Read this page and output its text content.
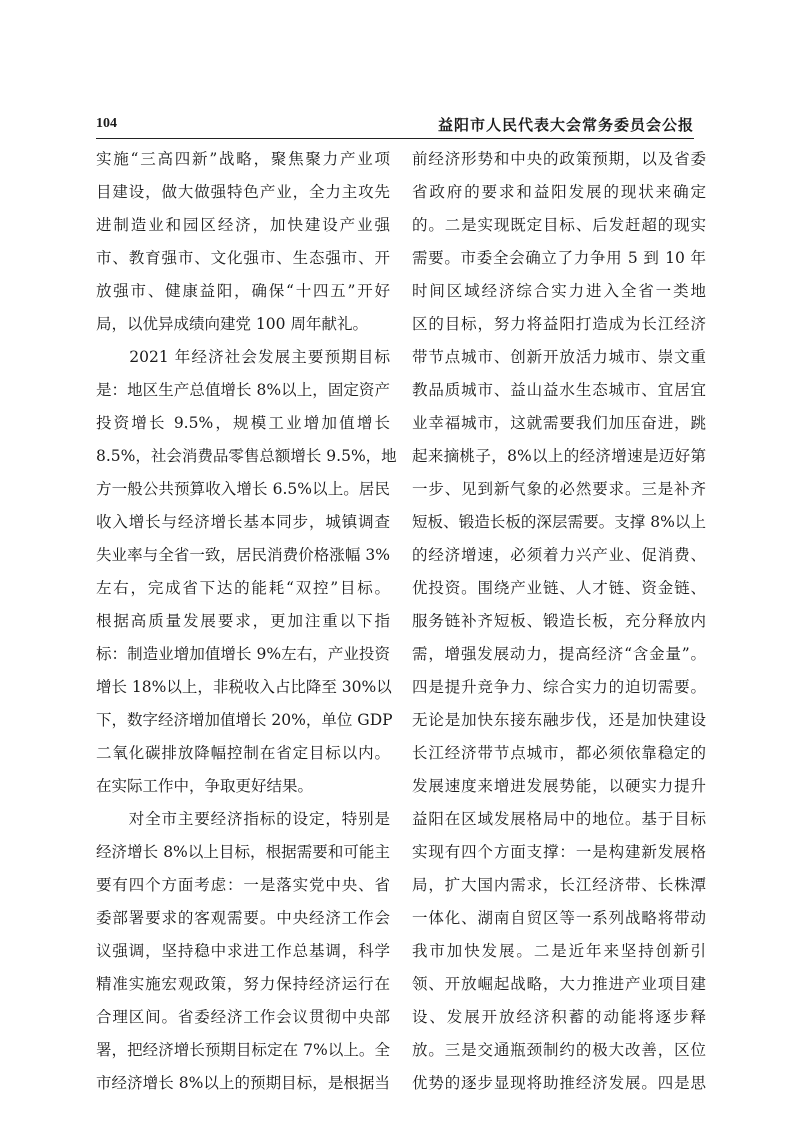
104	益阳市人民代表大会常务委员会公报
实施“三高四新”战略，聚焦聚力产业项
目建设，做大做强特色产业，全力主攻先
进制造业和园区经济，加快建设产业强
市、教育强市、文化强市、生态强市、开
放强市、健康益阳，确保“十四五”开好
局，以优异成绩向建党 100 周年献礼。
　　2021 年经济社会发展主要预期目标
是：地区生产总值增长 8%以上，固定资产
投资增长 9.5%，规模工业增加值增长
8.5%，社会消费品零售总额增长 9.5%，地
方一般公共预算收入增长 6.5%以上。居民
收入增长与经济增长基本同步，城镇调查
失业率与全省一致，居民消费价格涨幅 3%
左右，完成省下达的能耗“双控”目标。
根据高质量发展要求，更加注重以下指
标：制造业增加值增长 9%左右，产业投资
增长 18%以上，非税收入占比降至 30%以
下，数字经济增加值增长 20%，单位 GDP
二氧化碳排放降幅控制在省定目标以内。
在实际工作中，争取更好结果。
　　对全市主要经济指标的设定，特别是
经济增长 8%以上目标，根据需要和可能主
要有四个方面考虑：一是落实党中央、省
委部署要求的客观需要。中央经济工作会
议强调，坚持稳中求进工作总基调，科学
精准实施宏观政策，努力保持经济运行在
合理区间。省委经济工作会议贯彻中央部
署，把经济增长预期目标定在 7%以上。全
市经济增长 8%以上的预期目标，是根据当
前经济形势和中央的政策预期，以及省委
省政府的要求和益阳发展的现状来确定
的。二是实现既定目标、后发赶超的现实
需要。市委全会确立了力争用 5 到 10 年
时间区域经济综合实力进入全省一类地
区的目标，努力将益阳打造成为长江经济
带节点城市、创新开放活力城市、崇文重
教品质城市、益山益水生态城市、宜居宜
业幸福城市，这就需要我们加压奋进，跳
起来摘桃子，8%以上的经济增速是迈好第
一步、见到新气象的必然要求。三是补齐
短板、锻造长板的深层需要。支撑 8%以上
的经济增速，必须着力兴产业、促消费、
优投资。围绕产业链、人才链、资金链、
服务链补齐短板、锻造长板，充分释放内
需，增强发展动力，提高经济“含金量”。
四是提升竞争力、综合实力的迫切需要。
无论是加快东接东融步伐，还是加快建设
长江经济带节点城市，都必须依靠稳定的
发展速度来增进发展势能，以硬实力提升
益阳在区域发展格局中的地位。基于目标
实现有四个方面支撑：一是构建新发展格
局，扩大国内需求，长江经济带、长株潭
一体化、湖南自贸区等一系列战略将带动
我市加快发展。二是近年来坚持创新引
领、开放崛起战略，大力推进产业项目建
设、发展开放经济积蓄的动能将逐步释
放。三是交通瓶颈制约的极大改善，区位
优势的逐步显现将助推经济发展。四是思
